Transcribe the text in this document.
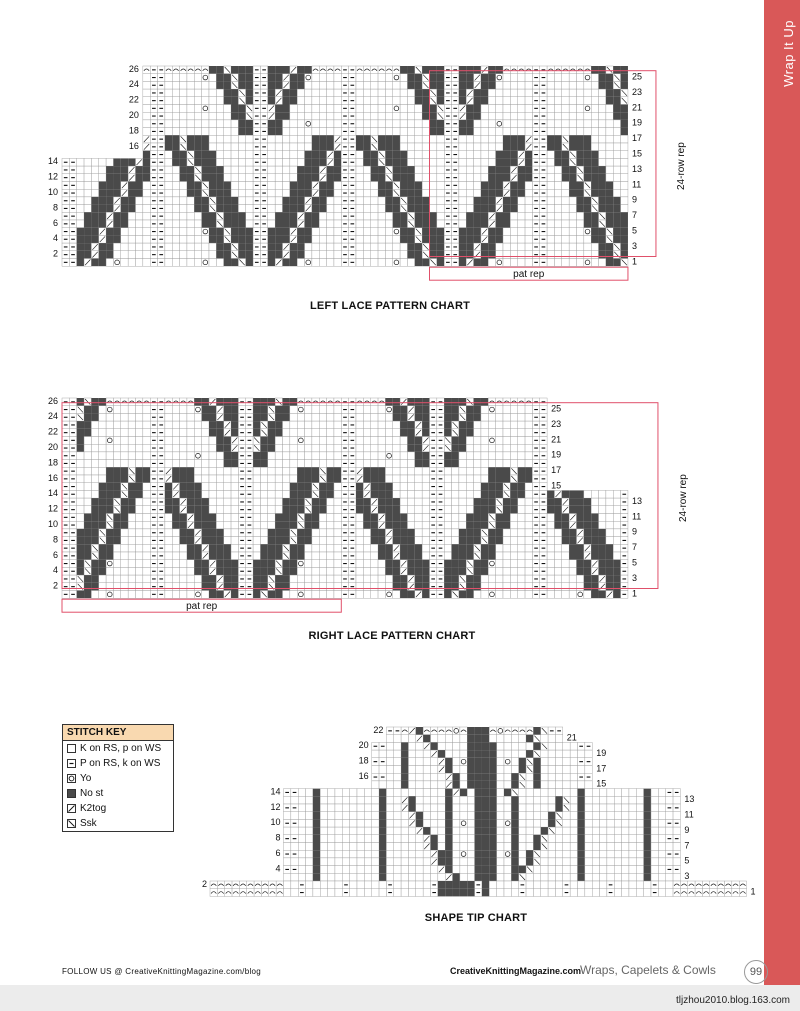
Wrap It Up
26
24
22
20
18
16
14
12
10
8
6
4
2
25
23
21
19
17
15
13
11
9
7
5
3
1
24-row rep
pat rep
LEFT LACE PATTERN CHART
26
24
22
20
18
16
14
12
10
8
6
4
2
25
23
21
19
17
15
13
11
9
7
5
3
1
24-row rep
pat rep
RIGHT LACE PATTERN CHART
22
20
18
16
14
12
10
8
6
4
2
21
19
17
15
13
11
9
7
5
3
1
SHAPE TIP CHART
STITCH KEY
K on RS, p on WS
P on RS, k on WS
Yo
No st
K2tog
Ssk
FOLLOW US @ CreativeKnittingMagazine.com/blog	CreativeKnittingMagazine.com
Wraps, Capelets & Cowls	99
tljzhou2010.blog.163.com
